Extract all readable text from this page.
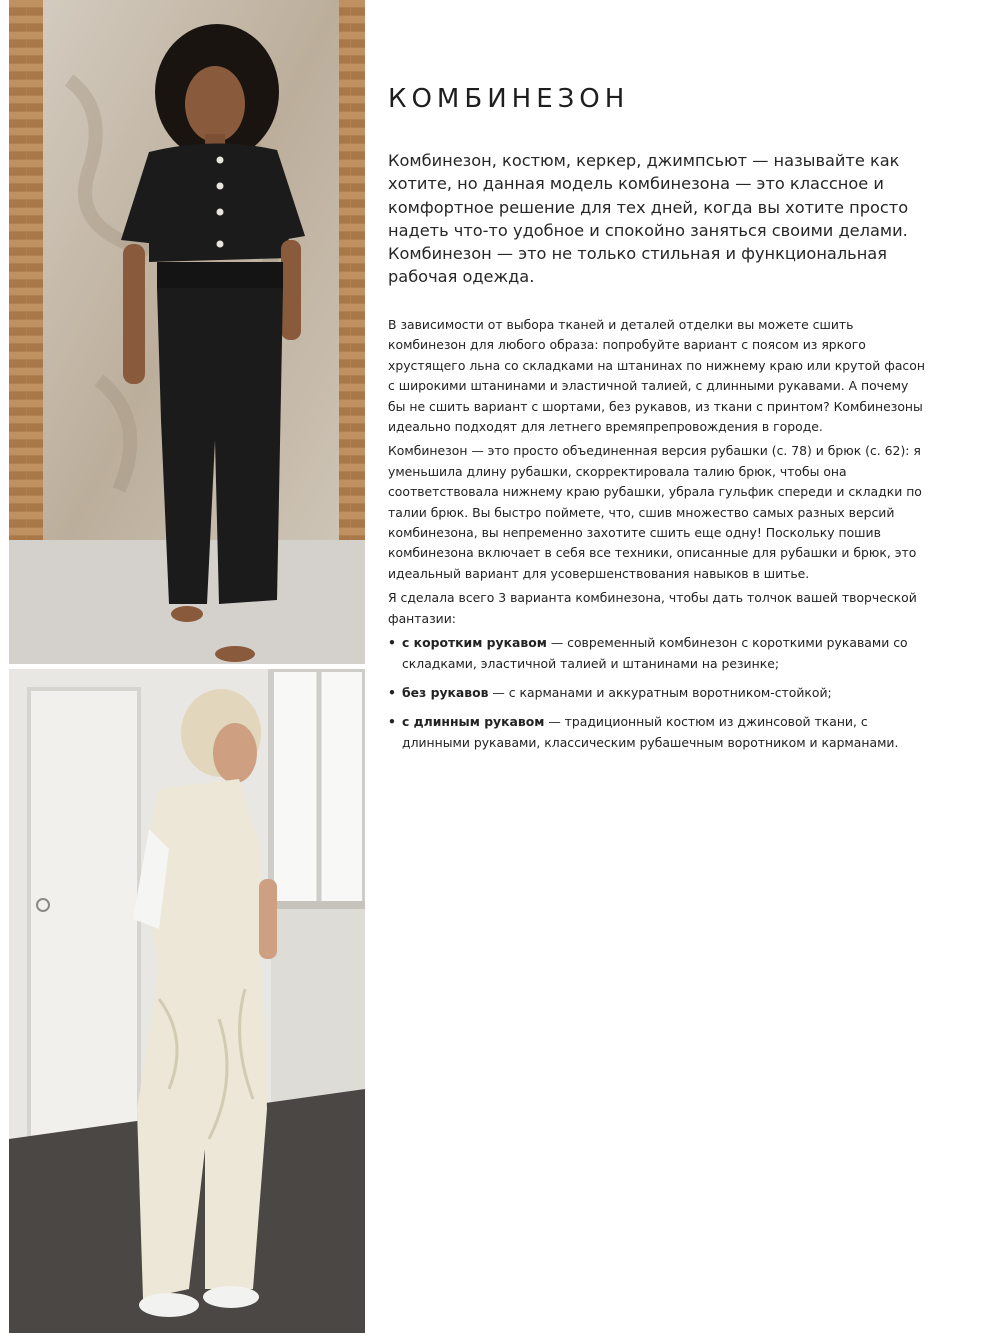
КОМБИНЕЗОН

Комбинезон, костюм, керкер, джимпсьют — называйте как хотите, но данная модель комбинезона — это классное и комфортное решение для тех дней, когда вы хотите просто надеть что-то удобное и спокойно заняться своими делами. Комбинезон — это не только стильная и функциональная рабочая одежда.

В зависимости от выбора тканей и деталей отделки вы можете сшить комбинезон для любого образа: попробуйте вариант с поясом из яркого хрустящего льна со складками на штанинах по нижнему краю или крутой фасон с широкими штанинами и эластичной талией, с длинными рукавами. А почему бы не сшить вариант с шортами, без рукавов, из ткани с принтом? Комбинезоны идеально подходят для летнего времяпрепровождения в городе.

Комбинезон — это просто объединенная версия рубашки (с. 78) и брюк (с. 62): я уменьшила длину рубашки, скорректировала талию брюк, чтобы она соответствовала нижнему краю рубашки, убрала гульфик спереди и складки по талии брюк. Вы быстро поймете, что, сшив множество самых разных версий комбинезона, вы непременно захотите сшить еще одну! Поскольку пошив комбинезона включает в себя все техники, описанные для рубашки и брюк, это идеальный вариант для усовершенствования навыков в шитье.

Я сделала всего 3 варианта комбинезона, чтобы дать толчок вашей творческой фантазии:

• с коротким рукавом — современный комбинезон с короткими рукавами со складками, эластичной талией и штанинами на резинке;
• без рукавов — с карманами и аккуратным воротником-стойкой;
• с длинным рукавом — традиционный костюм из джинсовой ткани, с длинными рукавами, классическим рубашечным воротником и карманами.
